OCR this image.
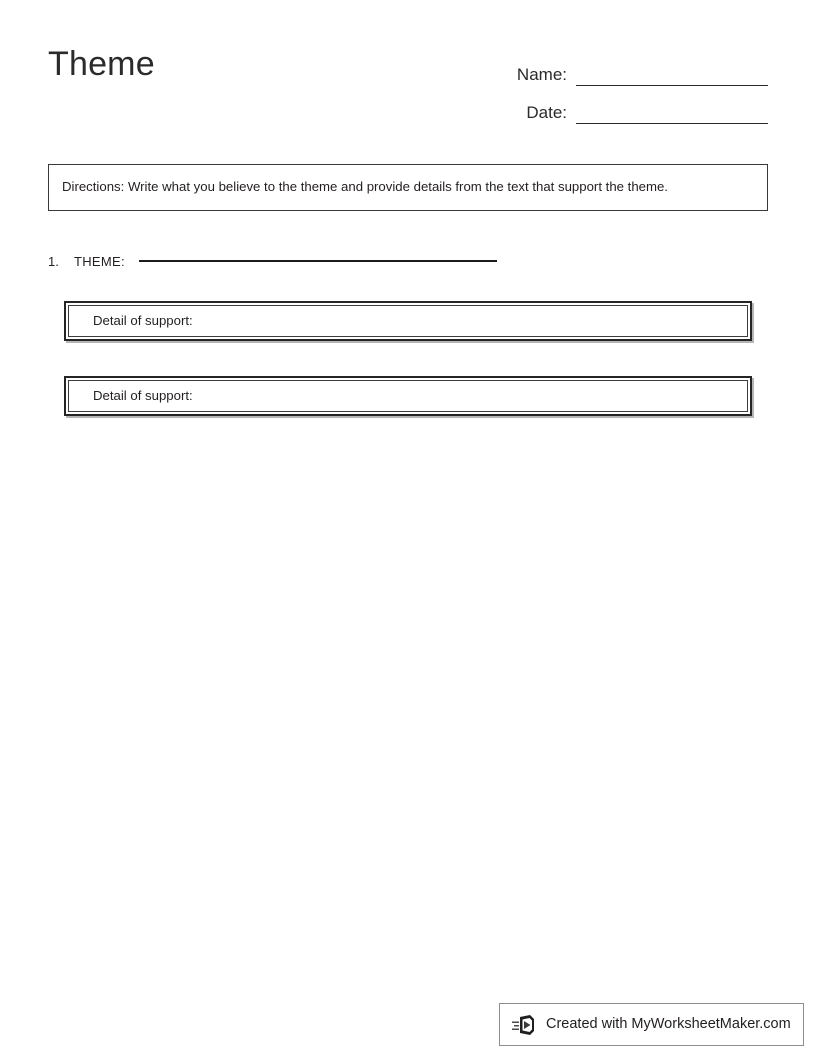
Theme	Name:
Date:
Directions: Write what you believe to the theme and provide details from the text that support the theme.
1.	THEME:
Detail of support:
Detail of support:
Created with MyWorksheetMaker.com
